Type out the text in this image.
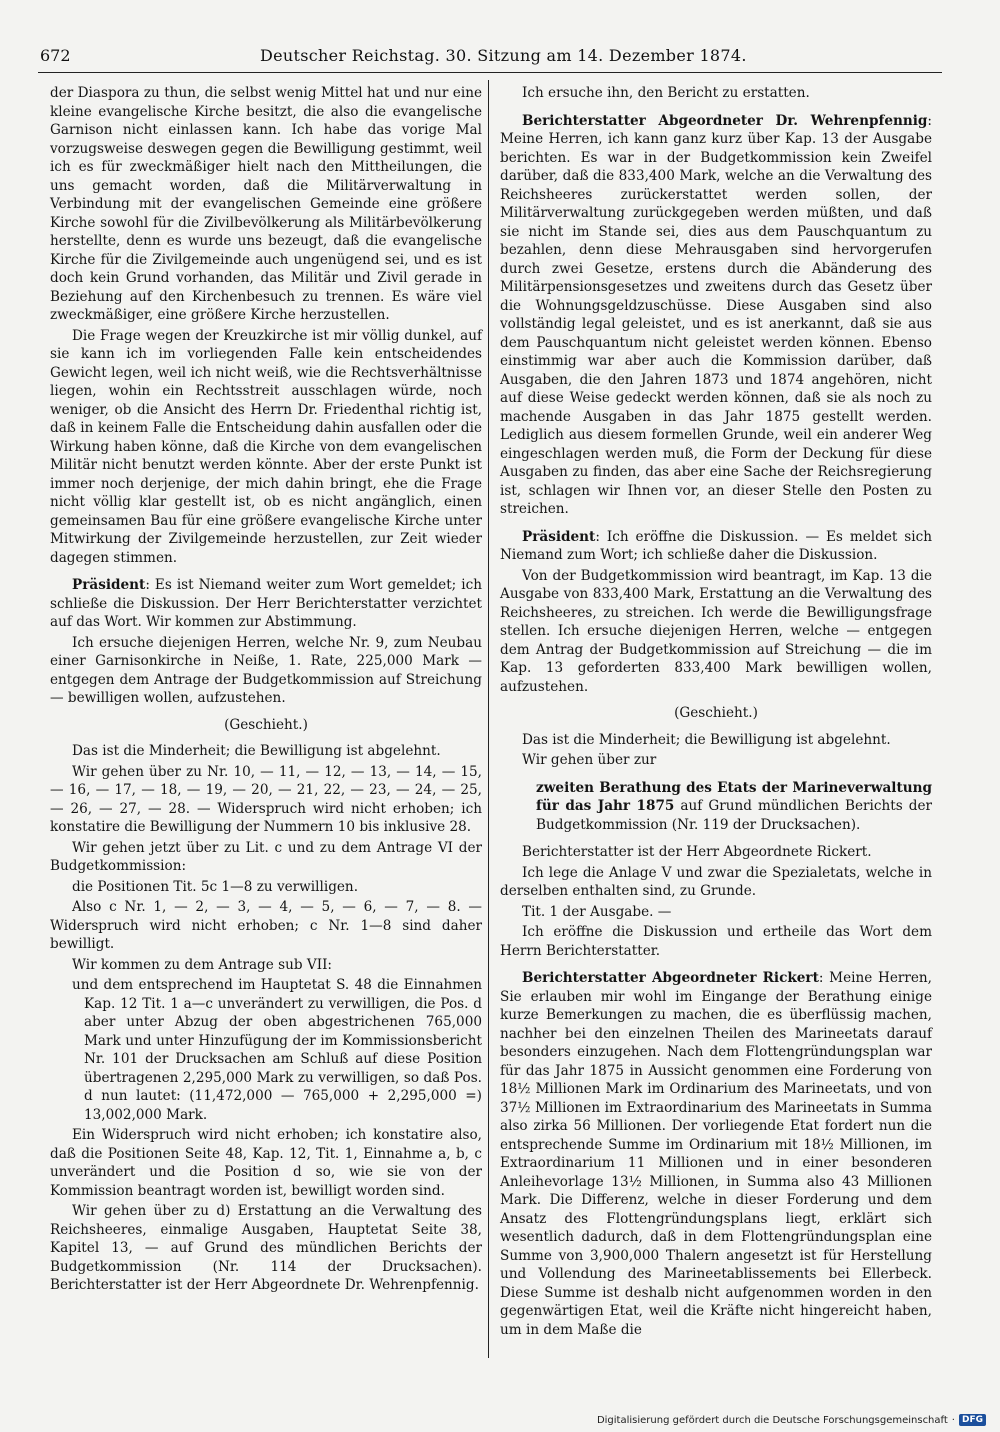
672	Deutscher Reichstag. 30. Sitzung am 14. Dezember 1874.

der Diaspora zu thun, die selbst wenig Mittel hat und nur eine kleine evangelische Kirche besitzt, die also die evangelische Garnison nicht einlassen kann. Ich habe das vorige Mal vorzugsweise deswegen gegen die Bewilligung gestimmt, weil ich es für zweckmäßiger hielt nach den Mittheilungen, die uns gemacht worden, daß die Militärverwaltung in Verbindung mit der evangelischen Gemeinde eine größere Kirche sowohl für die Zivilbevölkerung als Militärbevölkerung herstellte, denn es wurde uns bezeugt, daß die evangelische Kirche für die Zivilgemeinde auch ungenügend sei, und es ist doch kein Grund vorhanden, das Militär und Zivil gerade in Beziehung auf den Kirchenbesuch zu trennen. Es wäre viel zweckmäßiger, eine größere Kirche herzustellen.

Die Frage wegen der Kreuzkirche ist mir völlig dunkel, auf sie kann ich im vorliegenden Falle kein entscheidendes Gewicht legen, weil ich nicht weiß, wie die Rechtsverhältnisse liegen, wohin ein Rechtsstreit ausschlagen würde, noch weniger, ob die Ansicht des Herrn Dr. Friedenthal richtig ist, daß in keinem Falle die Entscheidung dahin ausfallen oder die Wirkung haben könne, daß die Kirche von dem evangelischen Militär nicht benutzt werden könnte. Aber der erste Punkt ist immer noch derjenige, der mich dahin bringt, ehe die Frage nicht völlig klar gestellt ist, ob es nicht angänglich, einen gemeinsamen Bau für eine größere evangelische Kirche unter Mitwirkung der Zivilgemeinde herzustellen, zur Zeit wieder dagegen stimmen.

Präsident: Es ist Niemand weiter zum Wort gemeldet; ich schließe die Diskussion. Der Herr Berichterstatter verzichtet auf das Wort. Wir kommen zur Abstimmung.

Ich ersuche diejenigen Herren, welche Nr. 9, zum Neubau einer Garnisonkirche in Neiße, 1. Rate, 225,000 Mark — entgegen dem Antrage der Budgetkommission auf Streichung — bewilligen wollen, aufzustehen.

(Geschieht.)

Das ist die Minderheit; die Bewilligung ist abgelehnt.

Wir gehen über zu Nr. 10, — 11, — 12, — 13, — 14, — 15, — 16, — 17, — 18, — 19, — 20, — 21, 22, — 23, — 24, — 25, — 26, — 27, — 28. — Widerspruch wird nicht erhoben; ich konstatire die Bewilligung der Nummern 10 bis inklusive 28.

Wir gehen jetzt über zu Lit. c und zu dem Antrage VI der Budgetkommission:

die Positionen Tit. 5c 1—8 zu verwilligen.

Also c Nr. 1, — 2, — 3, — 4, — 5, — 6, — 7, — 8. — Widerspruch wird nicht erhoben; c Nr. 1—8 sind daher bewilligt.

Wir kommen zu dem Antrage sub VII:

und dem entsprechend im Hauptetat S. 48 die Einnahmen Kap. 12 Tit. 1 a—c unverändert zu verwilligen, die Pos. d aber unter Abzug der oben abgestrichenen 765,000 Mark und unter Hinzufügung der im Kommissionsbericht Nr. 101 der Drucksachen am Schluß auf diese Position übertragenen 2,295,000 Mark zu verwilligen, so daß Pos. d nun lautet: (11,472,000 — 765,000 + 2,295,000 =) 13,002,000 Mark.

Ein Widerspruch wird nicht erhoben; ich konstatire also, daß die Positionen Seite 48, Kap. 12, Tit. 1, Einnahme a, b, c unverändert und die Position d so, wie sie von der Kommission beantragt worden ist, bewilligt worden sind.

Wir gehen über zu d) Erstattung an die Verwaltung des Reichsheeres, einmalige Ausgaben, Hauptetat Seite 38, Kapitel 13, — auf Grund des mündlichen Berichts der Budgetkommission (Nr. 114 der Drucksachen). Berichterstatter ist der Herr Abgeordnete Dr. Wehrenpfennig.

Ich ersuche ihn, den Bericht zu erstatten.

Berichterstatter Abgeordneter Dr. Wehrenpfennig: Meine Herren, ich kann ganz kurz über Kap. 13 der Ausgabe berichten. Es war in der Budgetkommission kein Zweifel darüber, daß die 833,400 Mark, welche an die Verwaltung des Reichsheeres zurückerstattet werden sollen, der Militärverwaltung zurückgegeben werden müßten, und daß sie nicht im Stande sei, dies aus dem Pauschquantum zu bezahlen, denn diese Mehrausgaben sind hervorgerufen durch zwei Gesetze, erstens durch die Abänderung des Militärpensionsgesetzes und zweitens durch das Gesetz über die Wohnungsgeldzuschüsse. Diese Ausgaben sind also vollständig legal geleistet, und es ist anerkannt, daß sie aus dem Pauschquantum nicht geleistet werden können. Ebenso einstimmig war aber auch die Kommission darüber, daß Ausgaben, die den Jahren 1873 und 1874 angehören, nicht auf diese Weise gedeckt werden können, daß sie als noch zu machende Ausgaben in das Jahr 1875 gestellt werden. Lediglich aus diesem formellen Grunde, weil ein anderer Weg eingeschlagen werden muß, die Form der Deckung für diese Ausgaben zu finden, das aber eine Sache der Reichsregierung ist, schlagen wir Ihnen vor, an dieser Stelle den Posten zu streichen.

Präsident: Ich eröffne die Diskussion. — Es meldet sich Niemand zum Wort; ich schließe daher die Diskussion.

Von der Budgetkommission wird beantragt, im Kap. 13 die Ausgabe von 833,400 Mark, Erstattung an die Verwaltung des Reichsheeres, zu streichen. Ich werde die Bewilligungsfrage stellen. Ich ersuche diejenigen Herren, welche — entgegen dem Antrag der Budgetkommission auf Streichung — die im Kap. 13 geforderten 833,400 Mark bewilligen wollen, aufzustehen.

(Geschieht.)

Das ist die Minderheit; die Bewilligung ist abgelehnt.

Wir gehen über zur

zweiten Berathung des Etats der Marineverwaltung für das Jahr 1875 auf Grund mündlichen Berichts der Budgetkommission (Nr. 119 der Drucksachen).

Berichterstatter ist der Herr Abgeordnete Rickert.

Ich lege die Anlage V und zwar die Spezialetats, welche in derselben enthalten sind, zu Grunde.

Tit. 1 der Ausgabe. —

Ich eröffne die Diskussion und ertheile das Wort dem Herrn Berichterstatter.

Berichterstatter Abgeordneter Rickert: Meine Herren, Sie erlauben mir wohl im Eingange der Berathung einige kurze Bemerkungen zu machen, die es überflüssig machen, nachher bei den einzelnen Theilen des Marineetats darauf besonders einzugehen. Nach dem Flottengründungsplan war für das Jahr 1875 in Aussicht genommen eine Forderung von 18½ Millionen Mark im Ordinarium des Marineetats, und von 37½ Millionen im Extraordinarium des Marineetats in Summa also zirka 56 Millionen. Der vorliegende Etat fordert nun die entsprechende Summe im Ordinarium mit 18½ Millionen, im Extraordinarium 11 Millionen und in einer besonderen Anleihevorlage 13½ Millionen, in Summa also 43 Millionen Mark. Die Differenz, welche in dieser Forderung und dem Ansatz des Flottengründungsplans liegt, erklärt sich wesentlich dadurch, daß in dem Flottengründungsplan eine Summe von 3,900,000 Thalern angesetzt ist für Herstellung und Vollendung des Marineetablissements bei Ellerbeck. Diese Summe ist deshalb nicht aufgenommen worden in den gegenwärtigen Etat, weil die Kräfte nicht hingereicht haben, um in dem Maße die

Digitalisierung gefördert durch die Deutsche Forschungsgemeinschaft · DFG
